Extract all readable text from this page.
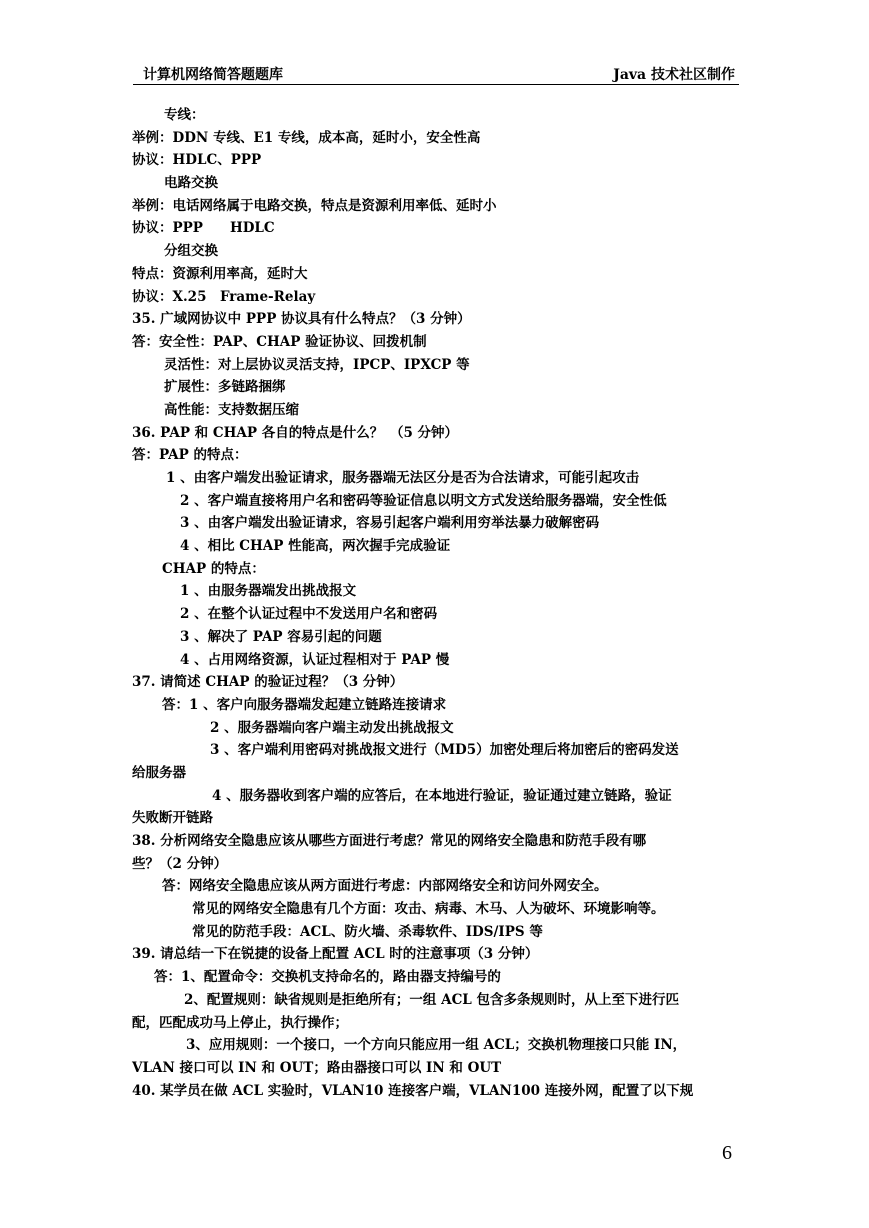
计算机网络简答题题库	Java 技术社区制作
专线：
举例：DDN 专线、E1 专线，成本高，延时小，安全性高
协议：HDLC、PPP
电路交换
举例：电话网络属于电路交换，特点是资源利用率低、延时小
协议：PPP　　HDLC
分组交换
特点：资源利用率高，延时大
协议：X.25　Frame-Relay
35. 广域网协议中 PPP 协议具有什么特点？（3 分钟）
答：安全性：PAP、CHAP 验证协议、回拨机制
灵活性：对上层协议灵活支持，IPCP、IPXCP 等
扩展性：多链路捆绑
高性能：支持数据压缩
36. PAP 和 CHAP 各自的特点是什么？　（5 分钟）
答：PAP 的特点：
1 、由客户端发出验证请求，服务器端无法区分是否为合法请求，可能引起攻击
2 、客户端直接将用户名和密码等验证信息以明文方式发送给服务器端，安全性低
3 、由客户端发出验证请求，容易引起客户端利用穷举法暴力破解密码
4 、相比 CHAP 性能高，两次握手完成验证
CHAP 的特点：
1 、由服务器端发出挑战报文
2 、在整个认证过程中不发送用户名和密码
3 、解决了 PAP 容易引起的问题
4 、占用网络资源，认证过程相对于 PAP 慢
37. 请简述 CHAP 的验证过程？（3 分钟）
答：1 、客户向服务器端发起建立链路连接请求
2 、服务器端向客户端主动发出挑战报文
3 、客户端利用密码对挑战报文进行（MD5）加密处理后将加密后的密码发送
给服务器
4 、服务器收到客户端的应答后，在本地进行验证，验证通过建立链路，验证
失败断开链路
38. 分析网络安全隐患应该从哪些方面进行考虑？常见的网络安全隐患和防范手段有哪
些？（2 分钟）
答：网络安全隐患应该从两方面进行考虑：内部网络安全和访问外网安全。
常见的网络安全隐患有几个方面：攻击、病毒、木马、人为破坏、环境影响等。
常见的防范手段：ACL、防火墙、杀毒软件、IDS/IPS 等
39. 请总结一下在锐捷的设备上配置 ACL 时的注意事项（3 分钟）
答：1、配置命令：交换机支持命名的，路由器支持编号的
2、配置规则：缺省规则是拒绝所有；一组 ACL 包含多条规则时，从上至下进行匹
配，匹配成功马上停止，执行操作；
3、应用规则：一个接口，一个方向只能应用一组 ACL；交换机物理接口只能 IN，
VLAN 接口可以 IN 和 OUT；路由器接口可以 IN 和 OUT
40. 某学员在做 ACL 实验时，VLAN10 连接客户端，VLAN100 连接外网，配置了以下规
6
